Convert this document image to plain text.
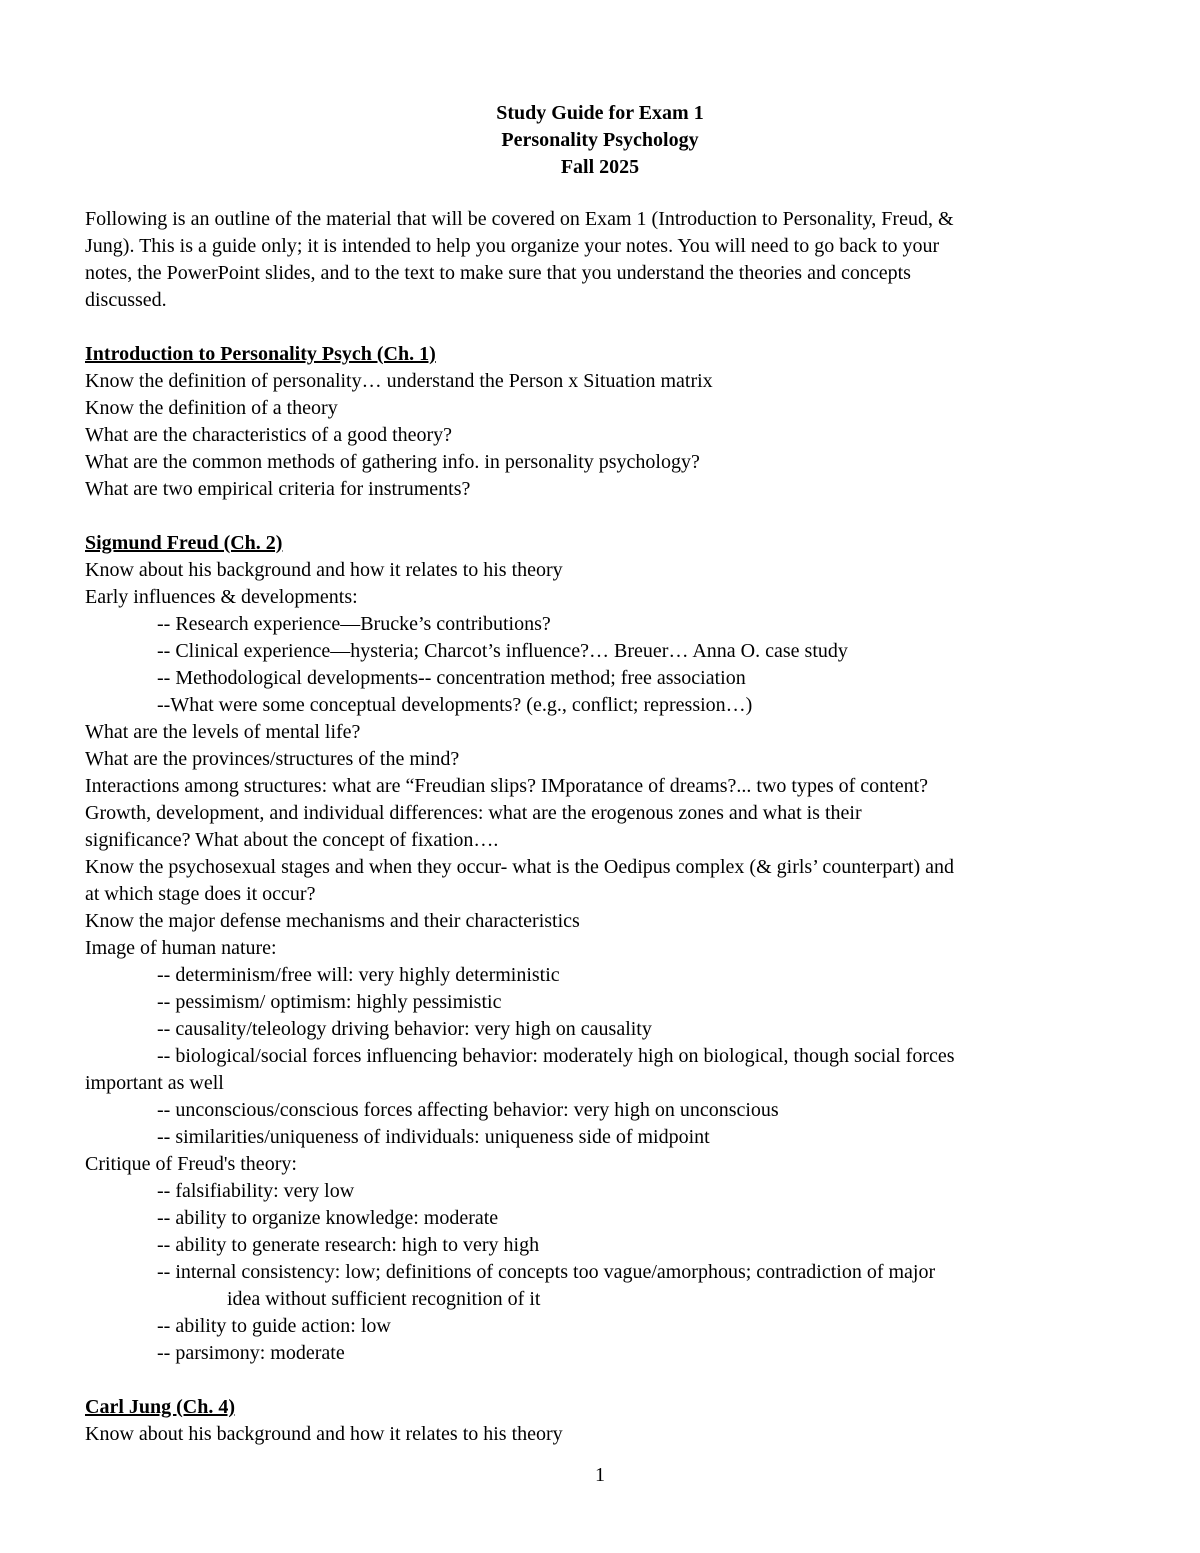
Study Guide for Exam 1
Personality Psychology
Fall 2025
Following is an outline of the material that will be covered on Exam 1 (Introduction to Personality, Freud, &
Jung). This is a guide only; it is intended to help you organize your notes. You will need to go back to your
notes, the PowerPoint slides, and to the text to make sure that you understand the theories and concepts
discussed.
Introduction to Personality Psych (Ch. 1)
Know the definition of personality… understand the Person x Situation matrix
Know the definition of a theory
What are the characteristics of a good theory?
What are the common methods of gathering info. in personality psychology?
What are two empirical criteria for instruments?
Sigmund Freud (Ch. 2)
Know about his background and how it relates to his theory
Early influences & developments:
-- Research experience—Brucke’s contributions?
-- Clinical experience—hysteria; Charcot’s influence?… Breuer… Anna O. case study
-- Methodological developments-- concentration method; free association
--What were some conceptual developments? (e.g., conflict; repression…)
What are the levels of mental life?
What are the provinces/structures of the mind?
Interactions among structures: what are “Freudian slips? IMporatance of dreams?... two types of content?
Growth, development, and individual differences: what are the erogenous zones and what is their
significance? What about the concept of fixation….
Know the psychosexual stages and when they occur- what is the Oedipus complex (& girls’ counterpart) and
at which stage does it occur?
Know the major defense mechanisms and their characteristics
Image of human nature:
-- determinism/free will: very highly deterministic
-- pessimism/ optimism: highly pessimistic
-- causality/teleology driving behavior: very high on causality
-- biological/social forces influencing behavior: moderately high on biological, though social forces
important as well
-- unconscious/conscious forces affecting behavior: very high on unconscious
-- similarities/uniqueness of individuals: uniqueness side of midpoint
Critique of Freud's theory:
-- falsifiability: very low
-- ability to organize knowledge: moderate
-- ability to generate research: high to very high
-- internal consistency: low; definitions of concepts too vague/amorphous; contradiction of major
idea without sufficient recognition of it
-- ability to guide action: low
-- parsimony: moderate
Carl Jung (Ch. 4)
Know about his background and how it relates to his theory
1
